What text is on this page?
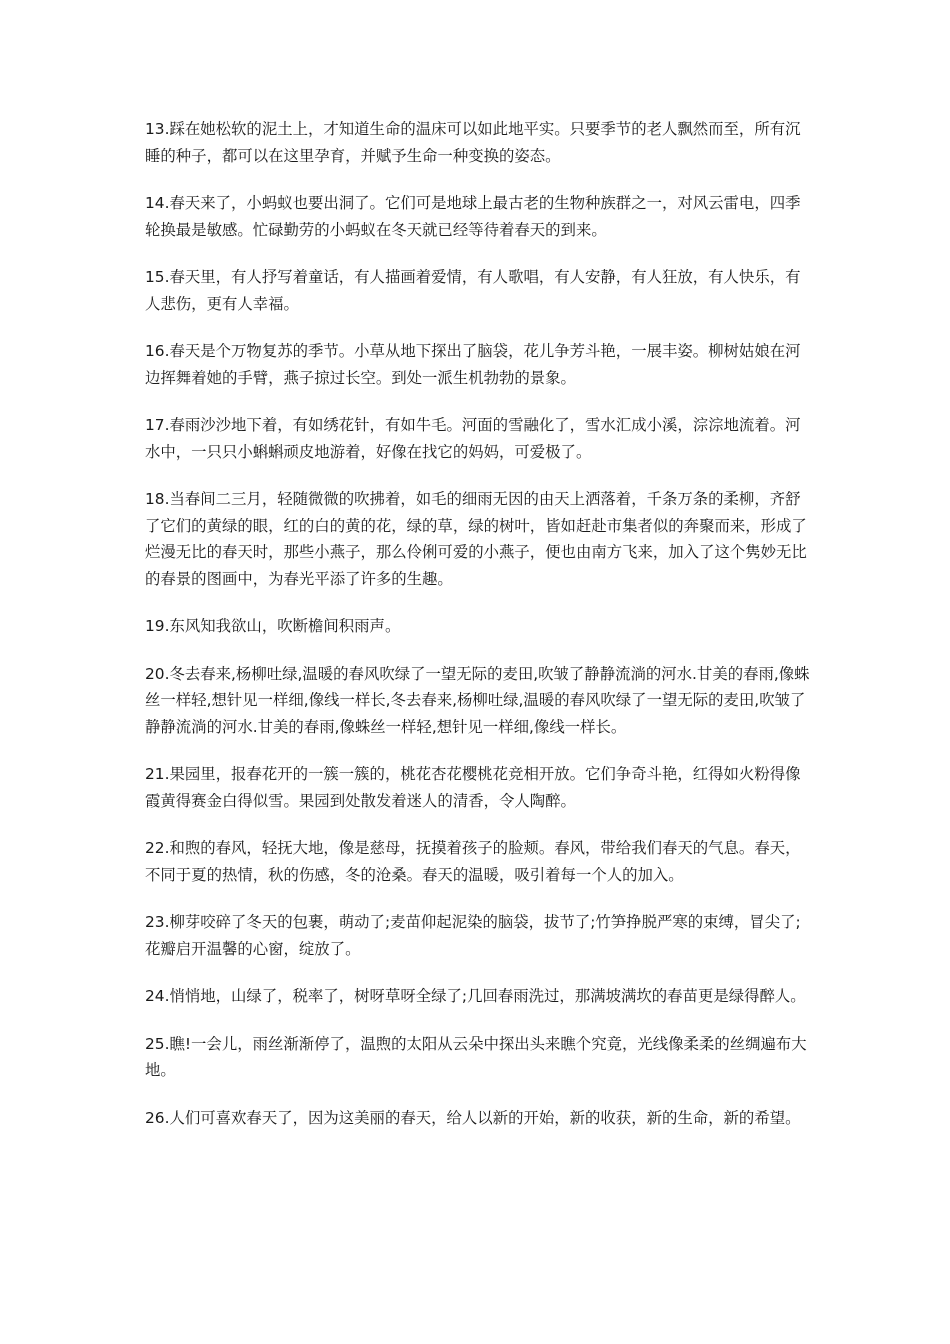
13.踩在她松软的泥土上，才知道生命的温床可以如此地平实。只要季节的老人飘然而至，所有沉睡的种子，都可以在这里孕育，并赋予生命一种变换的姿态。

14.春天来了，小蚂蚁也要出洞了。它们可是地球上最古老的生物种族群之一，对风云雷电，四季轮换最是敏感。忙碌勤劳的小蚂蚁在冬天就已经等待着春天的到来。

15.春天里，有人抒写着童话，有人描画着爱情，有人歌唱，有人安静，有人狂放，有人快乐，有人悲伤，更有人幸福。

16.春天是个万物复苏的季节。小草从地下探出了脑袋，花儿争芳斗艳，一展丰姿。柳树姑娘在河边挥舞着她的手臂，燕子掠过长空。到处一派生机勃勃的景象。

17.春雨沙沙地下着，有如绣花针，有如牛毛。河面的雪融化了，雪水汇成小溪，淙淙地流着。河水中，一只只小蝌蝌顽皮地游着，好像在找它的妈妈，可爱极了。

18.当春间二三月，轻随微微的吹拂着，如毛的细雨无因的由天上洒落着，千条万条的柔柳，齐舒了它们的黄绿的眼，红的白的黄的花，绿的草，绿的树叶，皆如赶赴市集者似的奔聚而来，形成了烂漫无比的春天时，那些小燕子，那么伶俐可爱的小燕子，便也由南方飞来，加入了这个隽妙无比的春景的图画中，为春光平添了许多的生趣。

19.东风知我欲山，吹断檐间积雨声。

20.冬去春来,杨柳吐绿,温暖的春风吹绿了一望无际的麦田,吹皱了静静流淌的河水.甘美的春雨,像蛛丝一样轻,想针见一样细,像线一样长,冬去春来,杨柳吐绿,温暖的春风吹绿了一望无际的麦田,吹皱了静静流淌的河水.甘美的春雨,像蛛丝一样轻,想针见一样细,像线一样长。

21.果园里，报春花开的一簇一簇的，桃花杏花樱桃花竞相开放。它们争奇斗艳，红得如火粉得像霞黄得赛金白得似雪。果园到处散发着迷人的清香，令人陶醉。

22.和煦的春风，轻抚大地，像是慈母，抚摸着孩子的脸颊。春风，带给我们春天的气息。春天，不同于夏的热情，秋的伤感，冬的沧桑。春天的温暖，吸引着每一个人的加入。

23.柳芽咬碎了冬天的包裹，萌动了;麦苗仰起泥染的脑袋，拔节了;竹笋挣脱严寒的束缚，冒尖了;花瓣启开温馨的心窗，绽放了。

24.悄悄地，山绿了，税率了，树呀草呀全绿了;几回春雨洗过，那满坡满坎的春苗更是绿得醉人。

25.瞧!一会儿，雨丝渐渐停了，温煦的太阳从云朵中探出头来瞧个究竟，光线像柔柔的丝绸遍布大地。

26.人们可喜欢春天了，因为这美丽的春天，给人以新的开始，新的收获，新的生命，新的希望。
